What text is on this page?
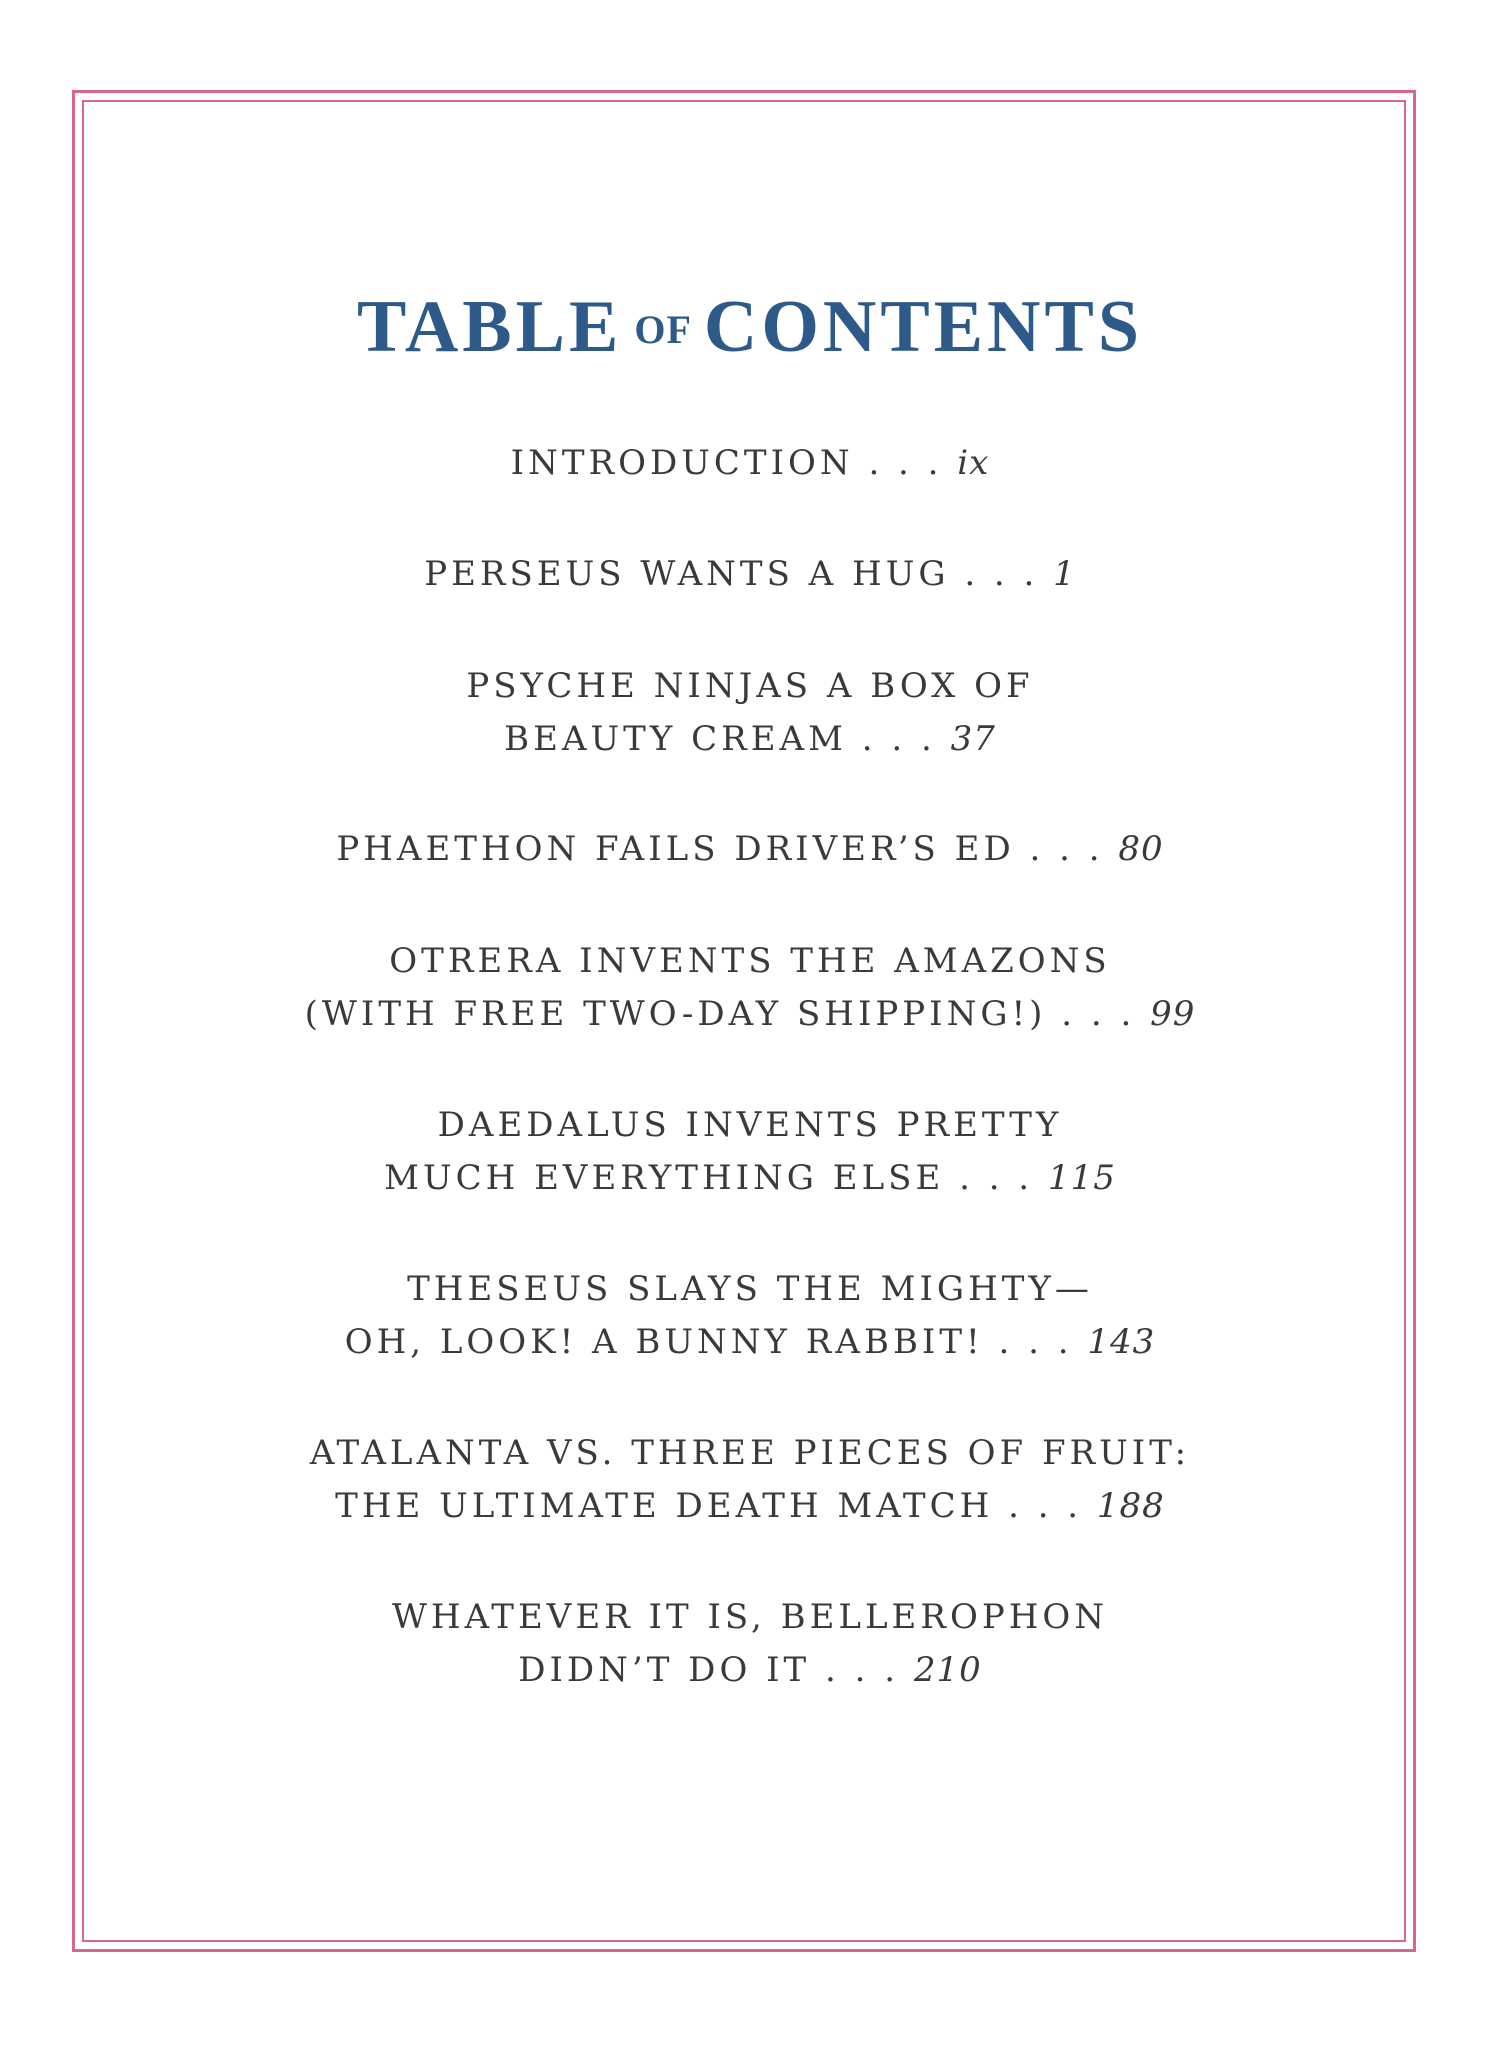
TABLE OF CONTENTS
INTRODUCTION . . . ix
PERSEUS WANTS A HUG . . . 1
PSYCHE NINJAS A BOX OF
BEAUTY CREAM . . . 37
PHAETHON FAILS DRIVER’S ED . . . 80
OTRERA INVENTS THE AMAZONS
(WITH FREE TWO-DAY SHIPPING!) . . . 99
DAEDALUS INVENTS PRETTY
MUCH EVERYTHING ELSE . . . 115
THESEUS SLAYS THE MIGHTY—
OH, LOOK! A BUNNY RABBIT! . . . 143
ATALANTA VS. THREE PIECES OF FRUIT:
THE ULTIMATE DEATH MATCH . . . 188
WHATEVER IT IS, BELLEROPHON
DIDN’T DO IT . . . 210
